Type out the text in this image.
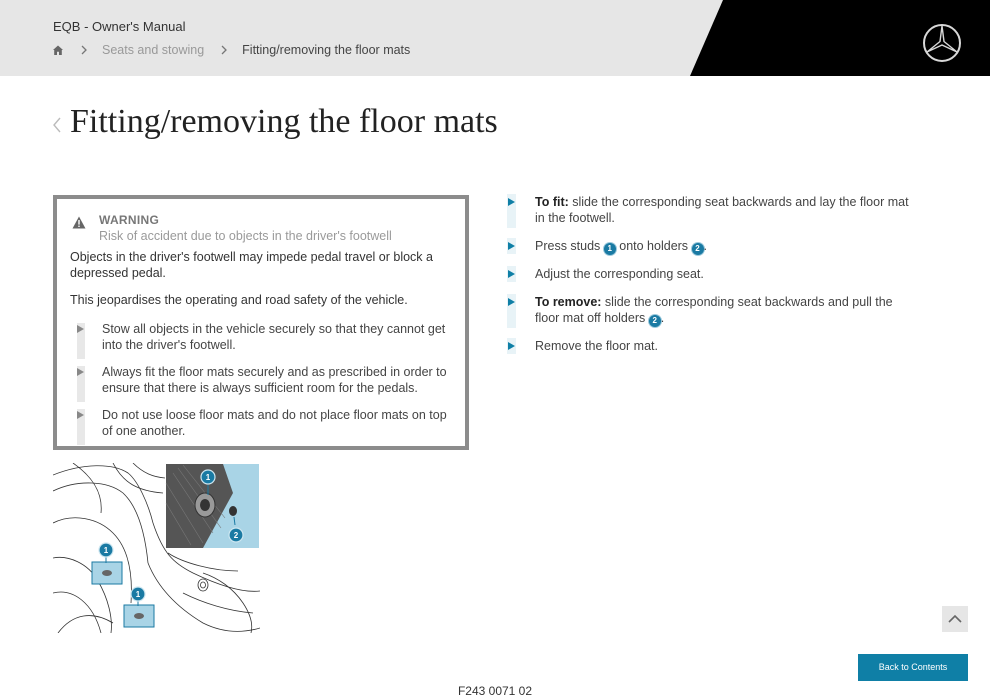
EQB - Owner's Manual
Seats and stowing	Fitting/removing the floor mats
Fitting/removing the floor mats
WARNING
Risk of accident due to objects in the driver's footwell
Objects in the driver's footwell may impede pedal travel or block a depressed pedal.
This jeopardises the operating and road safety of the vehicle.
Stow all objects in the vehicle securely so that they cannot get into the driver's footwell.
Always fit the floor mats securely and as prescribed in order to ensure that there is always sufficient room for the pedals.
Do not use loose floor mats and do not place floor mats on top of one another.
1
2
1
1
To fit: slide the corresponding seat backwards and lay the floor mat in the footwell.
Press studs 1 onto holders 2 .
Adjust the corresponding seat.
To remove: slide the corresponding seat backwards and pull the floor mat off holders 2 .
Remove the floor mat.
Back to Contents
F243 0071 02
